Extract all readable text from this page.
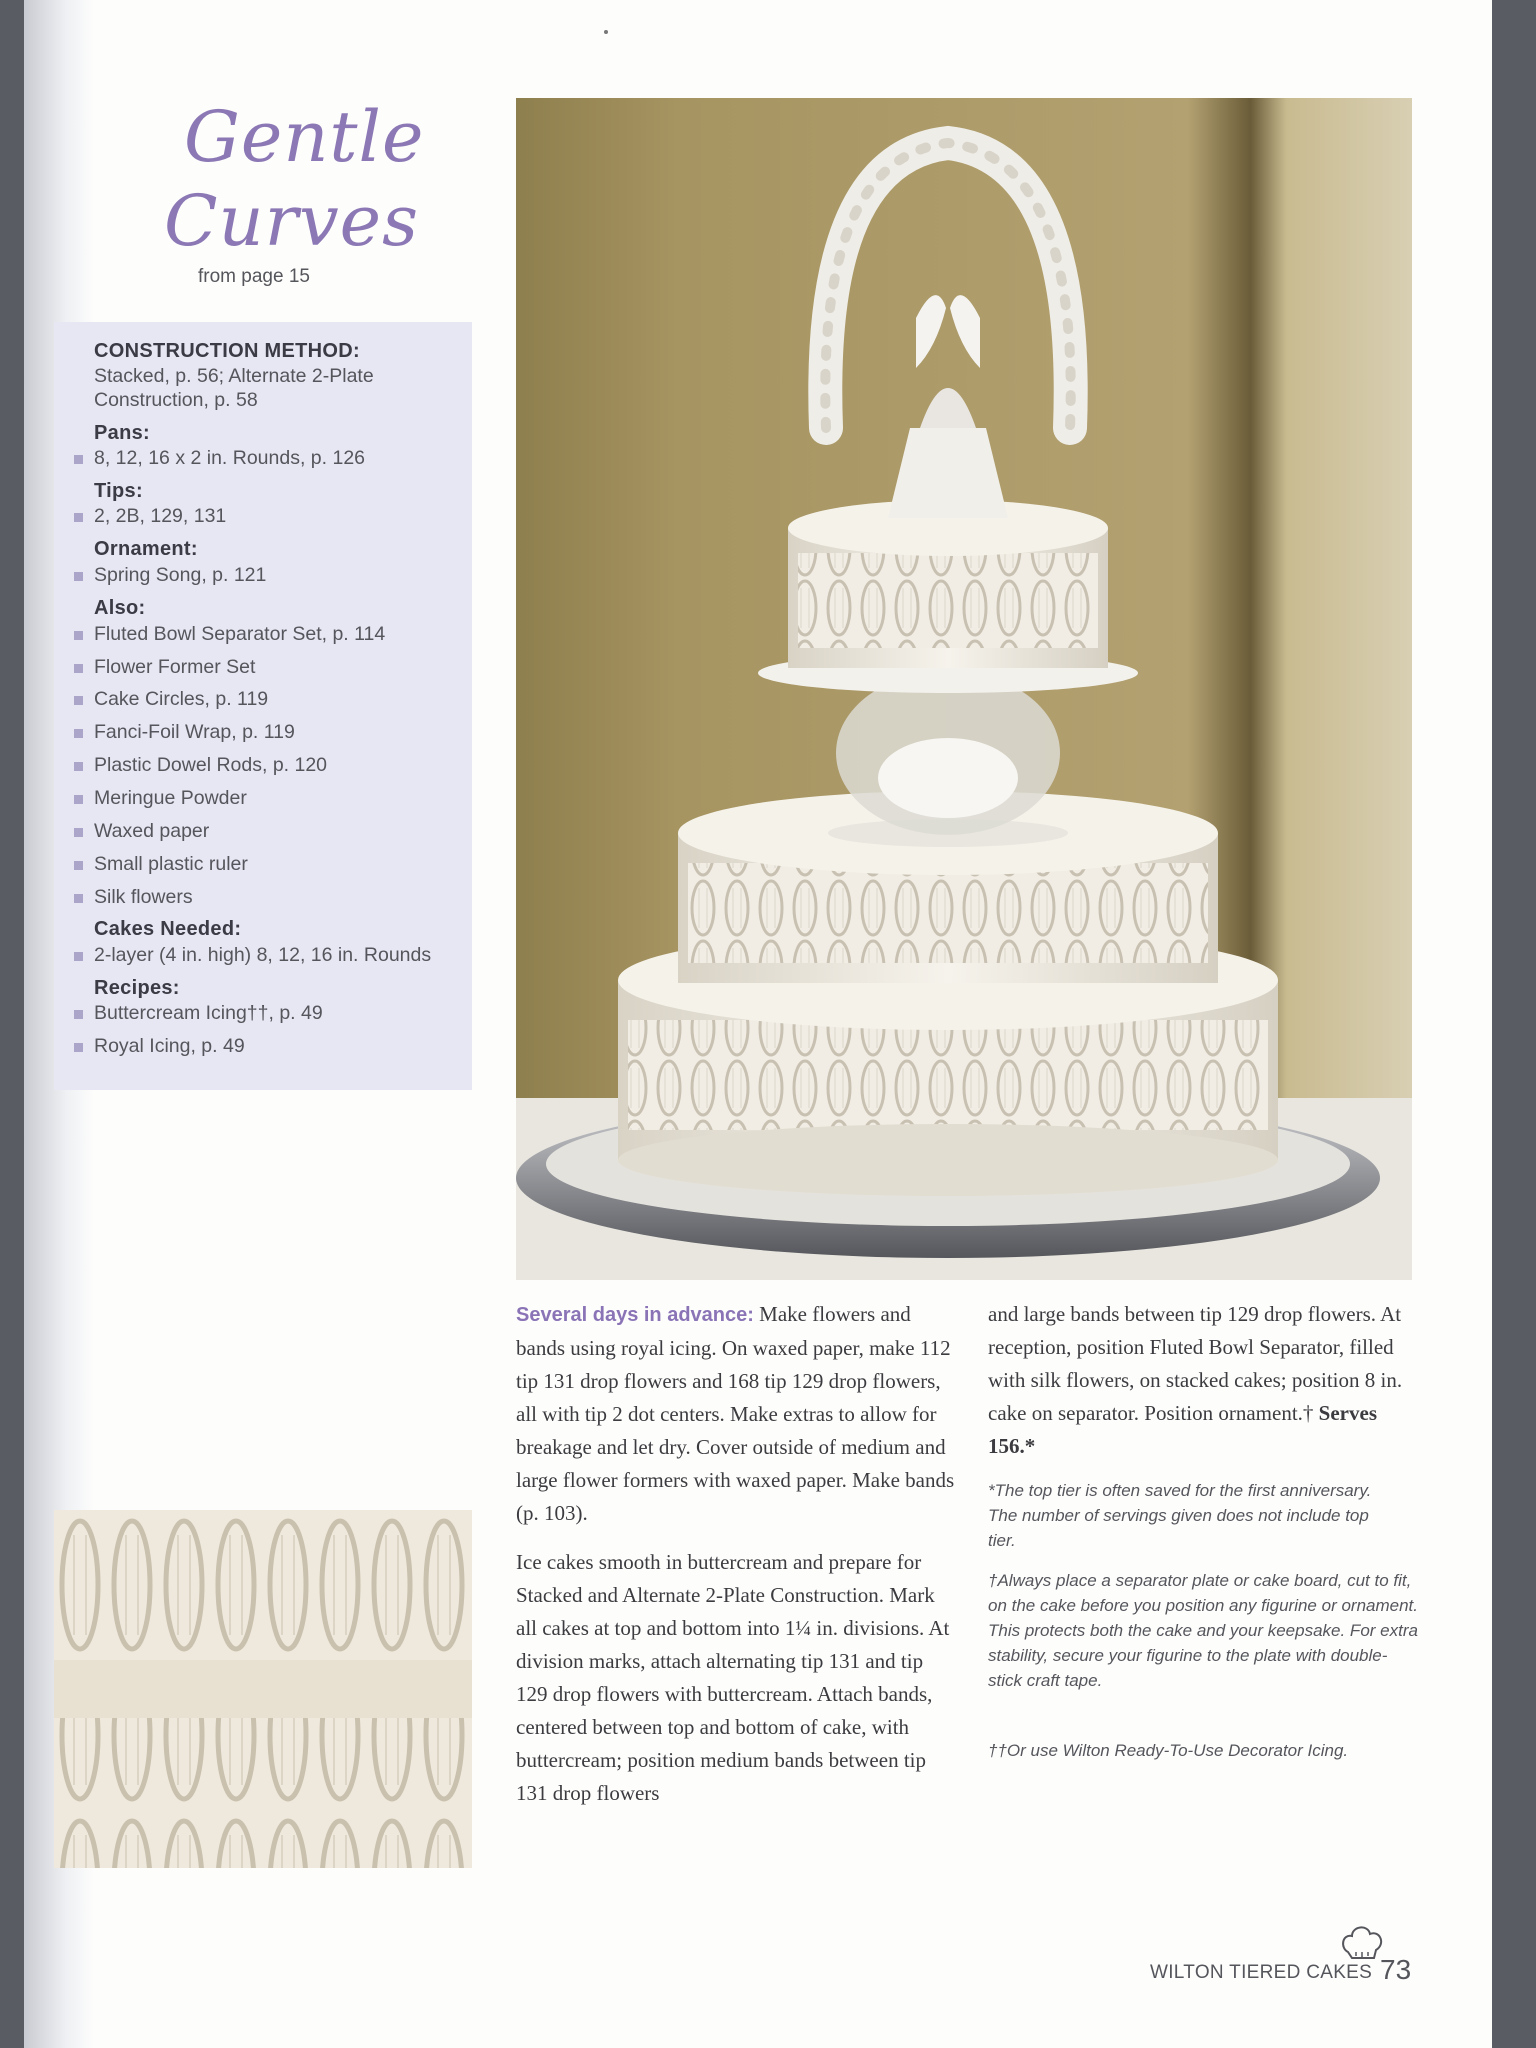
Gentle
Curves
from page 15
CONSTRUCTION METHOD:
Stacked, p. 56; Alternate 2-Plate
Construction, p. 58
Pans:
8, 12, 16 x 2 in. Rounds, p. 126
Tips:
2, 2B, 129, 131
Ornament:
Spring Song, p. 121
Also:
Fluted Bowl Separator Set, p. 114
Flower Former Set
Cake Circles, p. 119
Fanci-Foil Wrap, p. 119
Plastic Dowel Rods, p. 120
Meringue Powder
Waxed paper
Small plastic ruler
Silk flowers
Cakes Needed:
2-layer (4 in. high) 8, 12, 16 in. Rounds
Recipes:
Buttercream Icing††, p. 49
Royal Icing, p. 49

Several days in advance: Make flowers and bands using royal icing. On waxed paper, make 112 tip 131 drop flowers and 168 tip 129 drop flowers, all with tip 2 dot centers. Make extras to allow for breakage and let dry. Cover outside of medium and large flower formers with waxed paper. Make bands (p. 103).

Ice cakes smooth in buttercream and prepare for Stacked and Alternate 2-Plate Construction. Mark all cakes at top and bottom into 1¼ in. divisions. At division marks, attach alternating tip 131 and tip 129 drop flowers with buttercream. Attach bands, centered between top and bottom of cake, with buttercream; position medium bands between tip 131 drop flowers

and large bands between tip 129 drop flowers. At reception, position Fluted Bowl Separator, filled with silk flowers, on stacked cakes; position 8 in. cake on separator. Position ornament.† Serves 156.*

*The top tier is often saved for the first anniversary. The number of servings given does not include top tier.
†Always place a separator plate or cake board, cut to fit, on the cake before you position any figurine or ornament. This protects both the cake and your keepsake. For extra stability, secure your figurine to the plate with double-stick craft tape.
††Or use Wilton Ready-To-Use Decorator Icing.
WILTON TIERED CAKES 73
